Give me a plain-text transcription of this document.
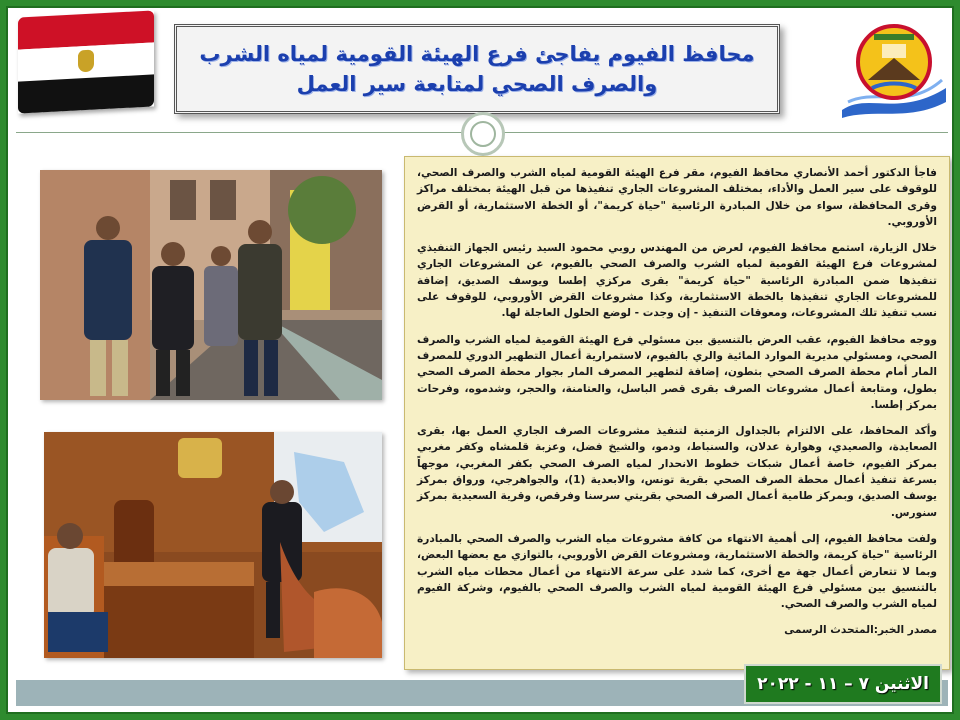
محافظ الفيوم يفاجئ فرع الهيئة القومية لمياه الشرب والصرف الصحي لمتابعة سير العمل

فاجأ الدكتور أحمد الأنصاري محافظ الفيوم، مقر فرع الهيئة القومية لمياه الشرب والصرف الصحي، للوقوف على سير العمل والأداء، بمختلف المشروعات الجاري تنفيذها من قبل الهيئة بمختلف مراكز وقرى المحافظة، سواء من خلال المبادرة الرئاسية "حياة كريمة"، أو الخطة الاستثمارية، أو القرض الأوروبي.

خلال الزيارة، استمع محافظ الفيوم، لعرض من المهندس روبي محمود السيد رئيس الجهاز التنفيذي لمشروعات فرع الهيئة القومية لمياه الشرب والصرف الصحي بالفيوم، عن المشروعات الجاري تنفيذها ضمن المبادرة الرئاسية "حياة كريمة" بقرى مركزي إطسا ويوسف الصديق، إضافة للمشروعات الجاري تنفيذها بالخطة الاستثمارية، وكذا مشروعات القرض الأوروبي، للوقوف على نسب تنفيذ تلك المشروعات، ومعوقات التنفيذ - إن وجدت - لوضع الحلول العاجلة لها.

ووجه محافظ الفيوم، عقب العرض بالتنسيق بين مسئولي فرع الهيئة القومية لمياه الشرب والصرف الصحي، ومسئولي مديرية الموارد المائية والري بالفيوم، لاستمرارية أعمال التطهير الدوري للمصرف المار أمام محطة الصرف الصحي بتطون، إضافة لتطهير المصرف المار بجوار محطة الصرف الصحي بطول، ومتابعة أعمال مشروعات الصرف بقرى قصر الباسل، والعتامنة، والحجر، وشدموه، وفرحات بمركز إطسا.

وأكد المحافظ، على الالتزام بالجداول الزمنية لتنفيذ مشروعات الصرف الجاري العمل بها، بقرى الصعايدة، والصعيدي، وهوارة عدلان، والسنباط، ودمو، والشيخ فضل، وعزبة قلمشاه وكفر مغربي بمركز الفيوم، خاصة أعمال شبكات خطوط الانحدار لمياه الصرف الصحي بكفر المغربي، موجهاً بسرعة تنفيذ أعمال محطة الصرف الصحي بقرية تونس، والابعدية (1)، والجواهرجي، ورواق بمركز يوسف الصديق، وبمركز طامية أعمال الصرف الصحي بقريتي سرسنا وفرقص، وقرية السعيدية بمركز سنورس.

ولفت محافظ الفيوم، إلى أهمية الانتهاء من كافة مشروعات مياه الشرب والصرف الصحي بالمبادرة الرئاسية "حياة كريمة، والخطة الاستثمارية، ومشروعات القرض الأوروبي، بالتوازي مع بعضها البعض، وبما لا تتعارض أعمال جهة مع أخرى، كما شدد على سرعة الانتهاء من أعمال محطات مياه الشرب بالتنسيق بين مسئولي فرع الهيئة القومية لمياه الشرب والصرف الصحي بالفيوم، وشركة الفيوم لمياه الشرب والصرف الصحي.

مصدر الخبر:المتحدث الرسمى
الاثنين ٧ – ١١ - ٢٠٢٢
